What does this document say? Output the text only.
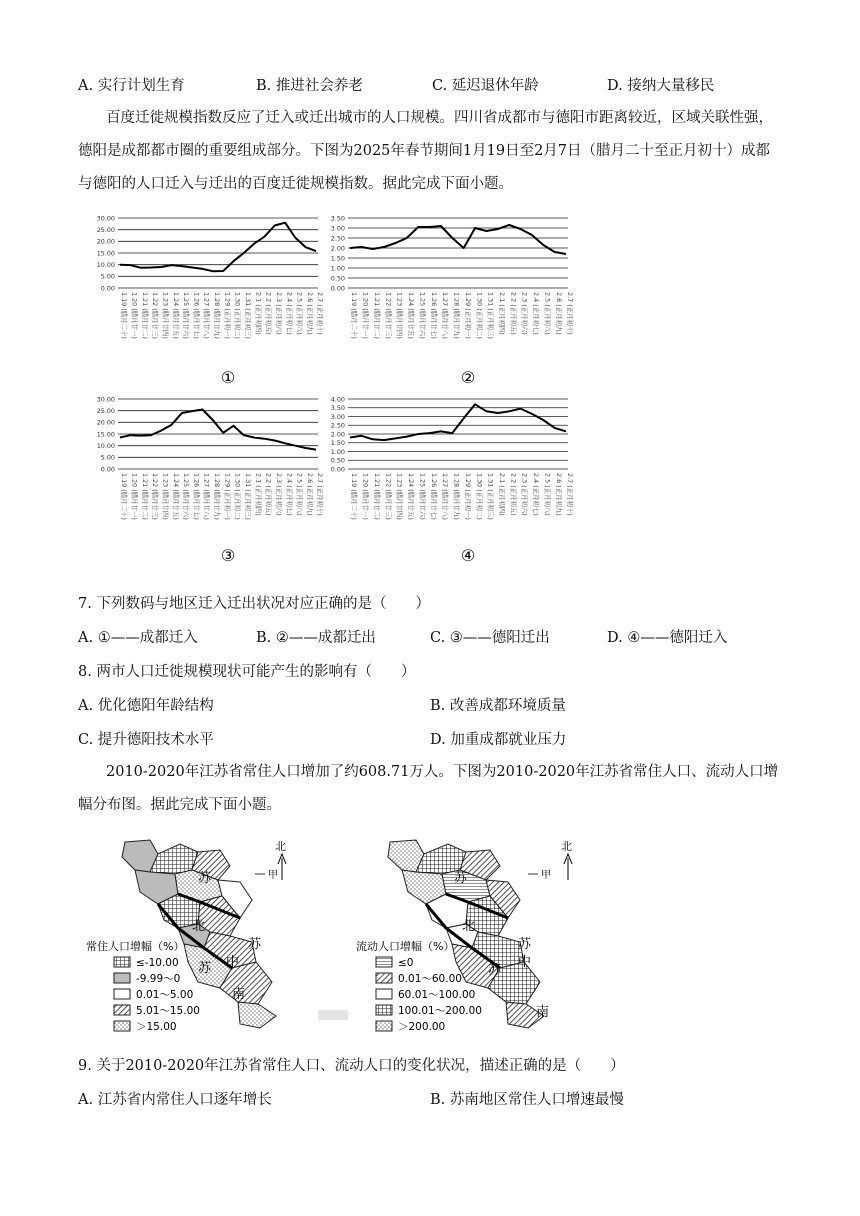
A. 实行计划生育	B. 推进社会养老	C. 延迟退休年龄	D. 接纳大量移民
百度迁徙规模指数反应了迁入或迁出城市的人口规模。四川省成都市与德阳市距离较近，区域关联性强，德阳是成都都市圈的重要组成部分。下图为2025年春节期间1月19日至2月7日（腊月二十至正月初十）成都与德阳的人口迁入与迁出的百度迁徙规模指数。据此完成下面小题。
30.00
25.00
20.00
15.00
10.00
5.00
0.00
1.19 (腊月二十) 1.20 (腊月廿一) 1.21 (腊月廿二) 1.22 (腊月廿三) 1.23 (腊月廿四) 1.24 (腊月廿五) 1.25 (腊月廿六) 1.26 (腊月廿七) 1.27 (腊月廿八) 1.28 (腊月廿九) 1.29 (正月初一) 1.30 (正月初二) 1.31 (正月初三) 2.1 (正月初四) 2.2 (正月初五) 2.3 (正月初六) 2.4 (正月初七) 2.5 (正月初八) 2.6 (正月初九) 2.7 (正月初十)
①
3.50
3.00
2.50
2.00
1.50
1.00
0.50
0.00
1.19 (腊月二十) 1.20 (腊月廿一) 1.21 (腊月廿二) 1.22 (腊月廿三) 1.23 (腊月廿四) 1.24 (腊月廿五) 1.25 (腊月廿六) 1.26 (腊月廿七) 1.27 (腊月廿八) 1.28 (腊月廿九) 1.29 (正月初一) 1.30 (正月初二) 1.31 (正月初三) 2.1 (正月初四) 2.2 (正月初五) 2.3 (正月初六) 2.4 (正月初七) 2.5 (正月初八) 2.6 (正月初九) 2.7 (正月初十)
②
30.00
25.00
20.00
15.00
10.00
5.00
0.00
1.19 (腊月二十) 1.20 (腊月廿一) 1.21 (腊月廿二) 1.22 (腊月廿三) 1.23 (腊月廿四) 1.24 (腊月廿五) 1.25 (腊月廿六) 1.26 (腊月廿七) 1.27 (腊月廿八) 1.28 (腊月廿九) 1.29 (正月初一) 1.30 (正月初二) 1.31 (正月初三) 2.1 (正月初四) 2.2 (正月初五) 2.3 (正月初六) 2.4 (正月初七) 2.5 (正月初八) 2.6 (正月初九) 2.7 (正月初十)
③
4.00
3.50
3.00
2.50
2.00
1.50
1.00
0.50
0.00
1.19 (腊月二十) 1.20 (腊月廿一) 1.21 (腊月廿二) 1.22 (腊月廿三) 1.23 (腊月廿四) 1.24 (腊月廿五) 1.25 (腊月廿六) 1.26 (腊月廿七) 1.27 (腊月廿八) 1.28 (腊月廿九) 1.29 (正月初一) 1.30 (正月初二) 1.31 (正月初三) 2.1 (正月初四) 2.2 (正月初五) 2.3 (正月初六) 2.4 (正月初七) 2.5 (正月初八) 2.6 (正月初九) 2.7 (正月初十)
④
7. 下列数码与地区迁入迁出状况对应正确的是（　　）
A. ①——成都迁入	B. ②——成都迁出	C. ③——德阳迁出	D. ④——德阳迁入
8. 两市人口迁徙规模现状可能产生的影响有（　　）
A. 优化德阳年龄结构	B. 改善成都环境质量
C. 提升德阳技术水平	D. 加重成都就业压力
2010-2020年江苏省常住人口增加了约608.71万人。下图为2010-2020年江苏省常住人口、流动人口增幅分布图。据此完成下面小题。
苏
北
苏
中
苏
南
北
甲
常住人口增幅（%）
≤-10.00
-9.99～0
0.01～5.00
5.01～15.00
＞15.00
苏
北
苏
中
苏
南
北
甲
流动人口增幅（%）
≤0
0.01～60.00
60.01～100.00
100.01～200.00
＞200.00
9. 关于2010-2020年江苏省常住人口、流动人口的变化状况，描述正确的是（　　）
A. 江苏省内常住人口逐年增长	B. 苏南地区常住人口增速最慢
